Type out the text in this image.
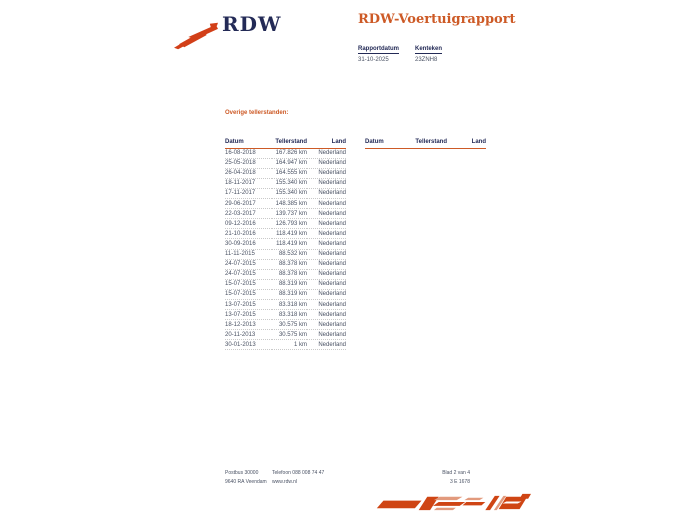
RDW	RDW-Voertuigrapport
Rapportdatum
31-10-2025
Kenteken
23ZNH8
Overige tellerstanden:
Datum	Tellerstand	Land
16-08-2018	167.826 km	Nederland
25-05-2018	164.947 km	Nederland
26-04-2018	164.555 km	Nederland
18-11-2017	155.340 km	Nederland
17-11-2017	155.340 km	Nederland
29-06-2017	148.385 km	Nederland
22-03-2017	139.737 km	Nederland
09-12-2016	126.793 km	Nederland
21-10-2016	118.419 km	Nederland
30-09-2016	118.419 km	Nederland
11-11-2015	88.532 km	Nederland
24-07-2015	88.378 km	Nederland
24-07-2015	88.378 km	Nederland
15-07-2015	88.319 km	Nederland
15-07-2015	88.319 km	Nederland
13-07-2015	83.318 km	Nederland
13-07-2015	83.318 km	Nederland
18-12-2013	30.575 km	Nederland
20-11-2013	30.575 km	Nederland
30-01-2013	1 km	Nederland
Datum	Tellerstand	Land
Postbus 30000
9640 RA Veendam
Telefoon 088 008 74 47
www.rdw.nl
Blad 2 van 4
3 E 1678
